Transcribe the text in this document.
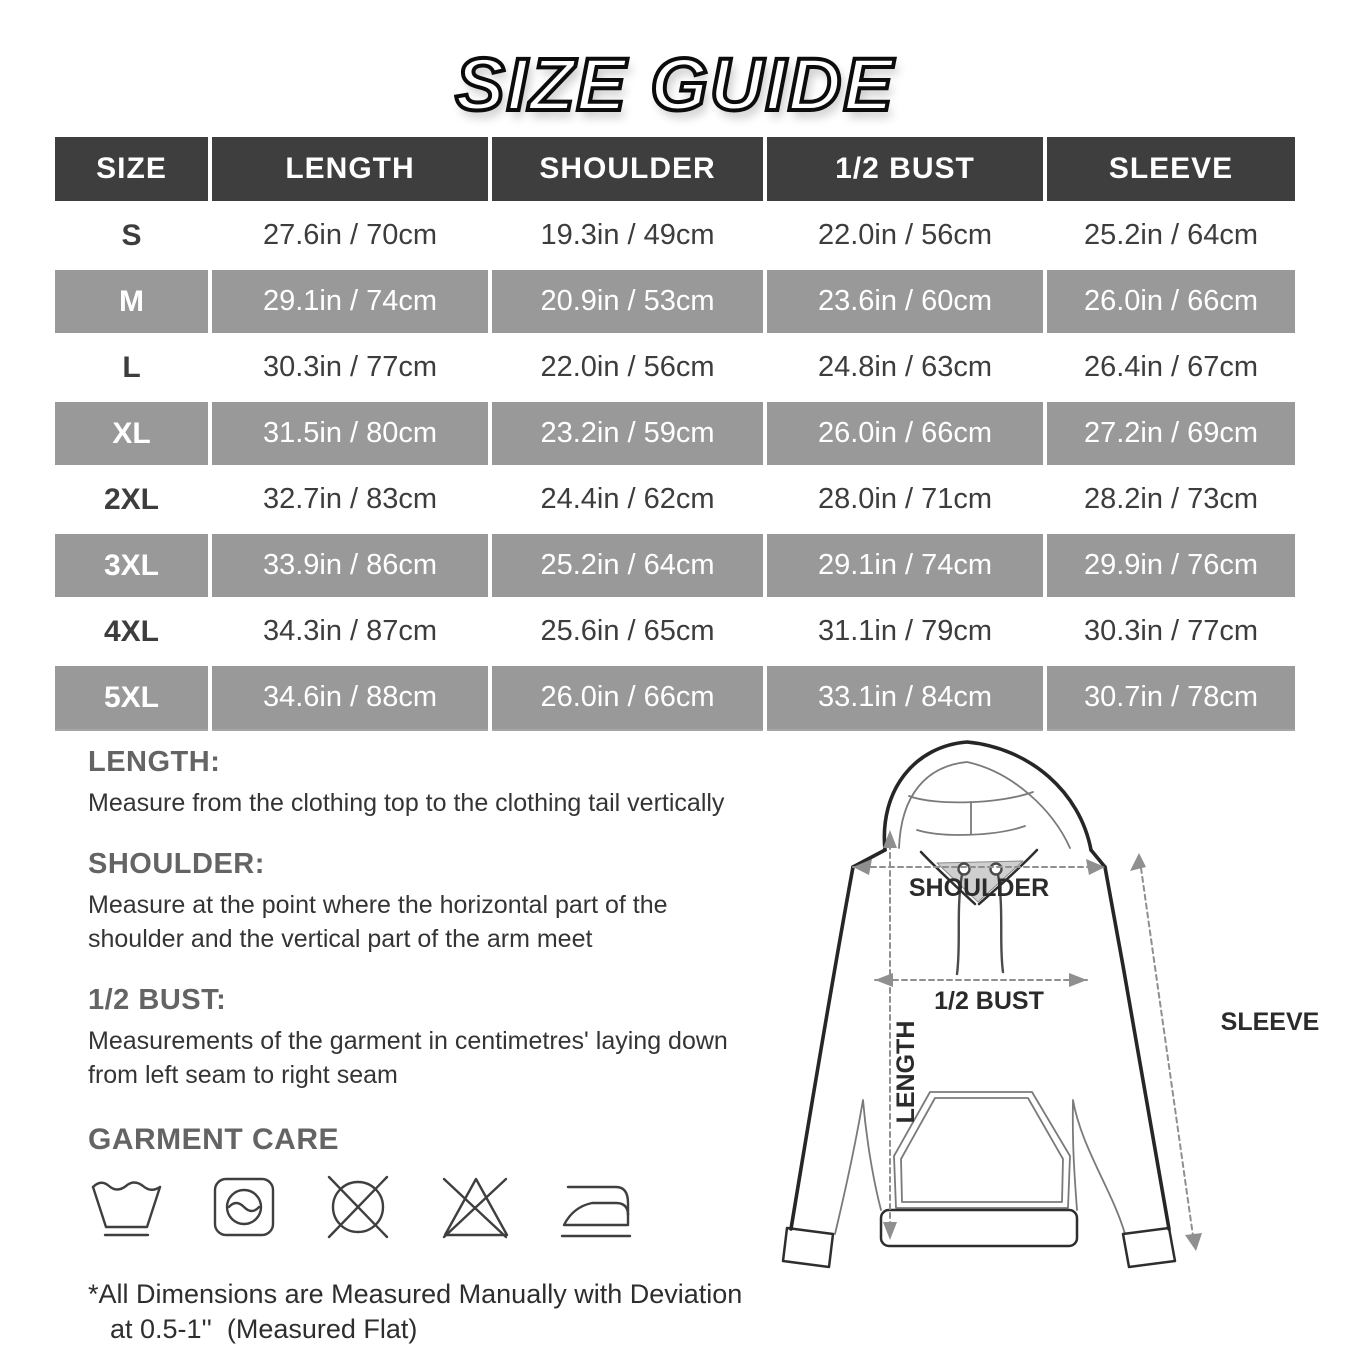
SIZE GUIDE
SIZE	LENGTH	SHOULDER	1/2 BUST	SLEEVE
S	27.6in / 70cm	19.3in / 49cm	22.0in / 56cm	25.2in / 64cm
M	29.1in / 74cm	20.9in / 53cm	23.6in / 60cm	26.0in / 66cm
L	30.3in / 77cm	22.0in / 56cm	24.8in / 63cm	26.4in / 67cm
XL	31.5in / 80cm	23.2in / 59cm	26.0in / 66cm	27.2in / 69cm
2XL	32.7in / 83cm	24.4in / 62cm	28.0in / 71cm	28.2in / 73cm
3XL	33.9in / 86cm	25.2in / 64cm	29.1in / 74cm	29.9in / 76cm
4XL	34.3in / 87cm	25.6in / 65cm	31.1in / 79cm	30.3in / 77cm
5XL	34.6in / 88cm	26.0in / 66cm	33.1in / 84cm	30.7in / 78cm
LENGTH:

Measure from the clothing top to the clothing tail vertically

SHOULDER:

Measure at the point where the horizontal part of the shoulder and the vertical part of the arm meet

1/2 BUST:

Measurements of the garment in centimetres' laying down from left seam to right seam

GARMENT CARE

*All Dimensions are Measured Manually with Deviation
at 0.5-1''  (Measured Flat)

SHOULDER
1/2 BUST
LENGTH	SLEEVE
